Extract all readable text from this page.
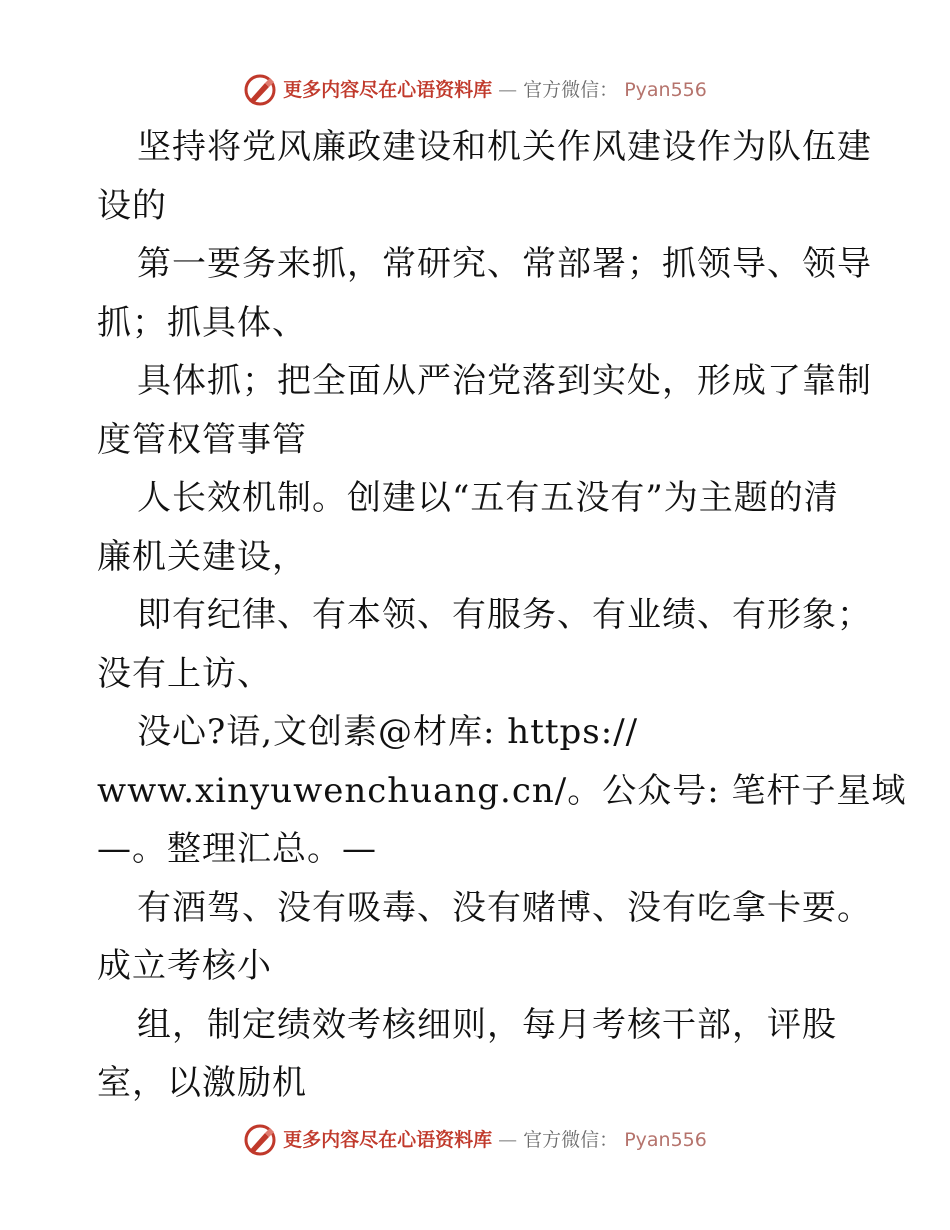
更多内容尽在心语资料库 — 官方微信： Pyan556
坚持将党风廉政建设和机关作风建设作为队伍建
设的
第一要务来抓，常研究、常部署；抓领导、领导
抓；抓具体、
具体抓；把全面从严治党落到实处，形成了靠制
度管权管事管
人长效机制。创建以“五有五没有”为主题的清
廉机关建设，
即有纪律、有本领、有服务、有业绩、有形象；
没有上访、
没心?语,文创素@材库: https://
www.xinyuwenchuang.cn/。公众号: 笔杆子星域
—。整理汇总。—
有酒驾、没有吸毒、没有赌博、没有吃拿卡要。
成立考核小
组，制定绩效考核细则，每月考核干部，评股
室，以激励机
更多内容尽在心语资料库 — 官方微信： Pyan556
